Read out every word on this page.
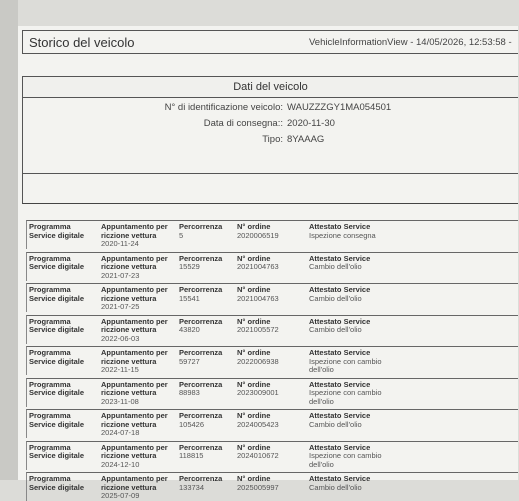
Storico del veicolo	VehicleInformationView - 14/05/2026, 12:53:58 -
Dati del veicolo
N° di identificazione veicolo: WAUZZZGY1MA054501
Data di consegna:: 2020-11-30
Tipo: 8YAAAG
Programma Service digitale
Appuntamento per riczione vettura
2020-11-24
Percorrenza
5
N° ordine
2020006519
Attestato Service
Ispezione consegna
Programma Service digitale
Appuntamento per riczione vettura
2021-07-23
Percorrenza
15529
N° ordine
2021004763
Attestato Service
Cambio dell'olio
Programma Service digitale
Appuntamento per riczione vettura
2021-07-25
Percorrenza
15541
N° ordine
2021004763
Attestato Service
Cambio dell'olio
Programma Service digitale
Appuntamento per riczione vettura
2022-06-03
Percorrenza
43820
N° ordine
2021005572
Attestato Service
Cambio dell'olio
Programma Service digitale
Appuntamento per riczione vettura
2022-11-15
Percorrenza
59727
N° ordine
2022006938
Attestato Service
Ispezione con cambio dell'olio
Programma Service digitale
Appuntamento per riczione vettura
2023-11-08
Percorrenza
88983
N° ordine
2023009001
Attestato Service
Ispezione con cambio dell'olio
Programma Service digitale
Appuntamento per riczione vettura
2024-07-18
Percorrenza
105426
N° ordine
2024005423
Attestato Service
Cambio dell'olio
Programma Service digitale
Appuntamento per riczione vettura
2024-12-10
Percorrenza
118815
N° ordine
2024010672
Attestato Service
Ispezione con cambio dell'olio
Programma Service digitale
Appuntamento per riczione vettura
2025-07-09
Percorrenza
133734
N° ordine
2025005997
Attestato Service
Cambio dell'olio
